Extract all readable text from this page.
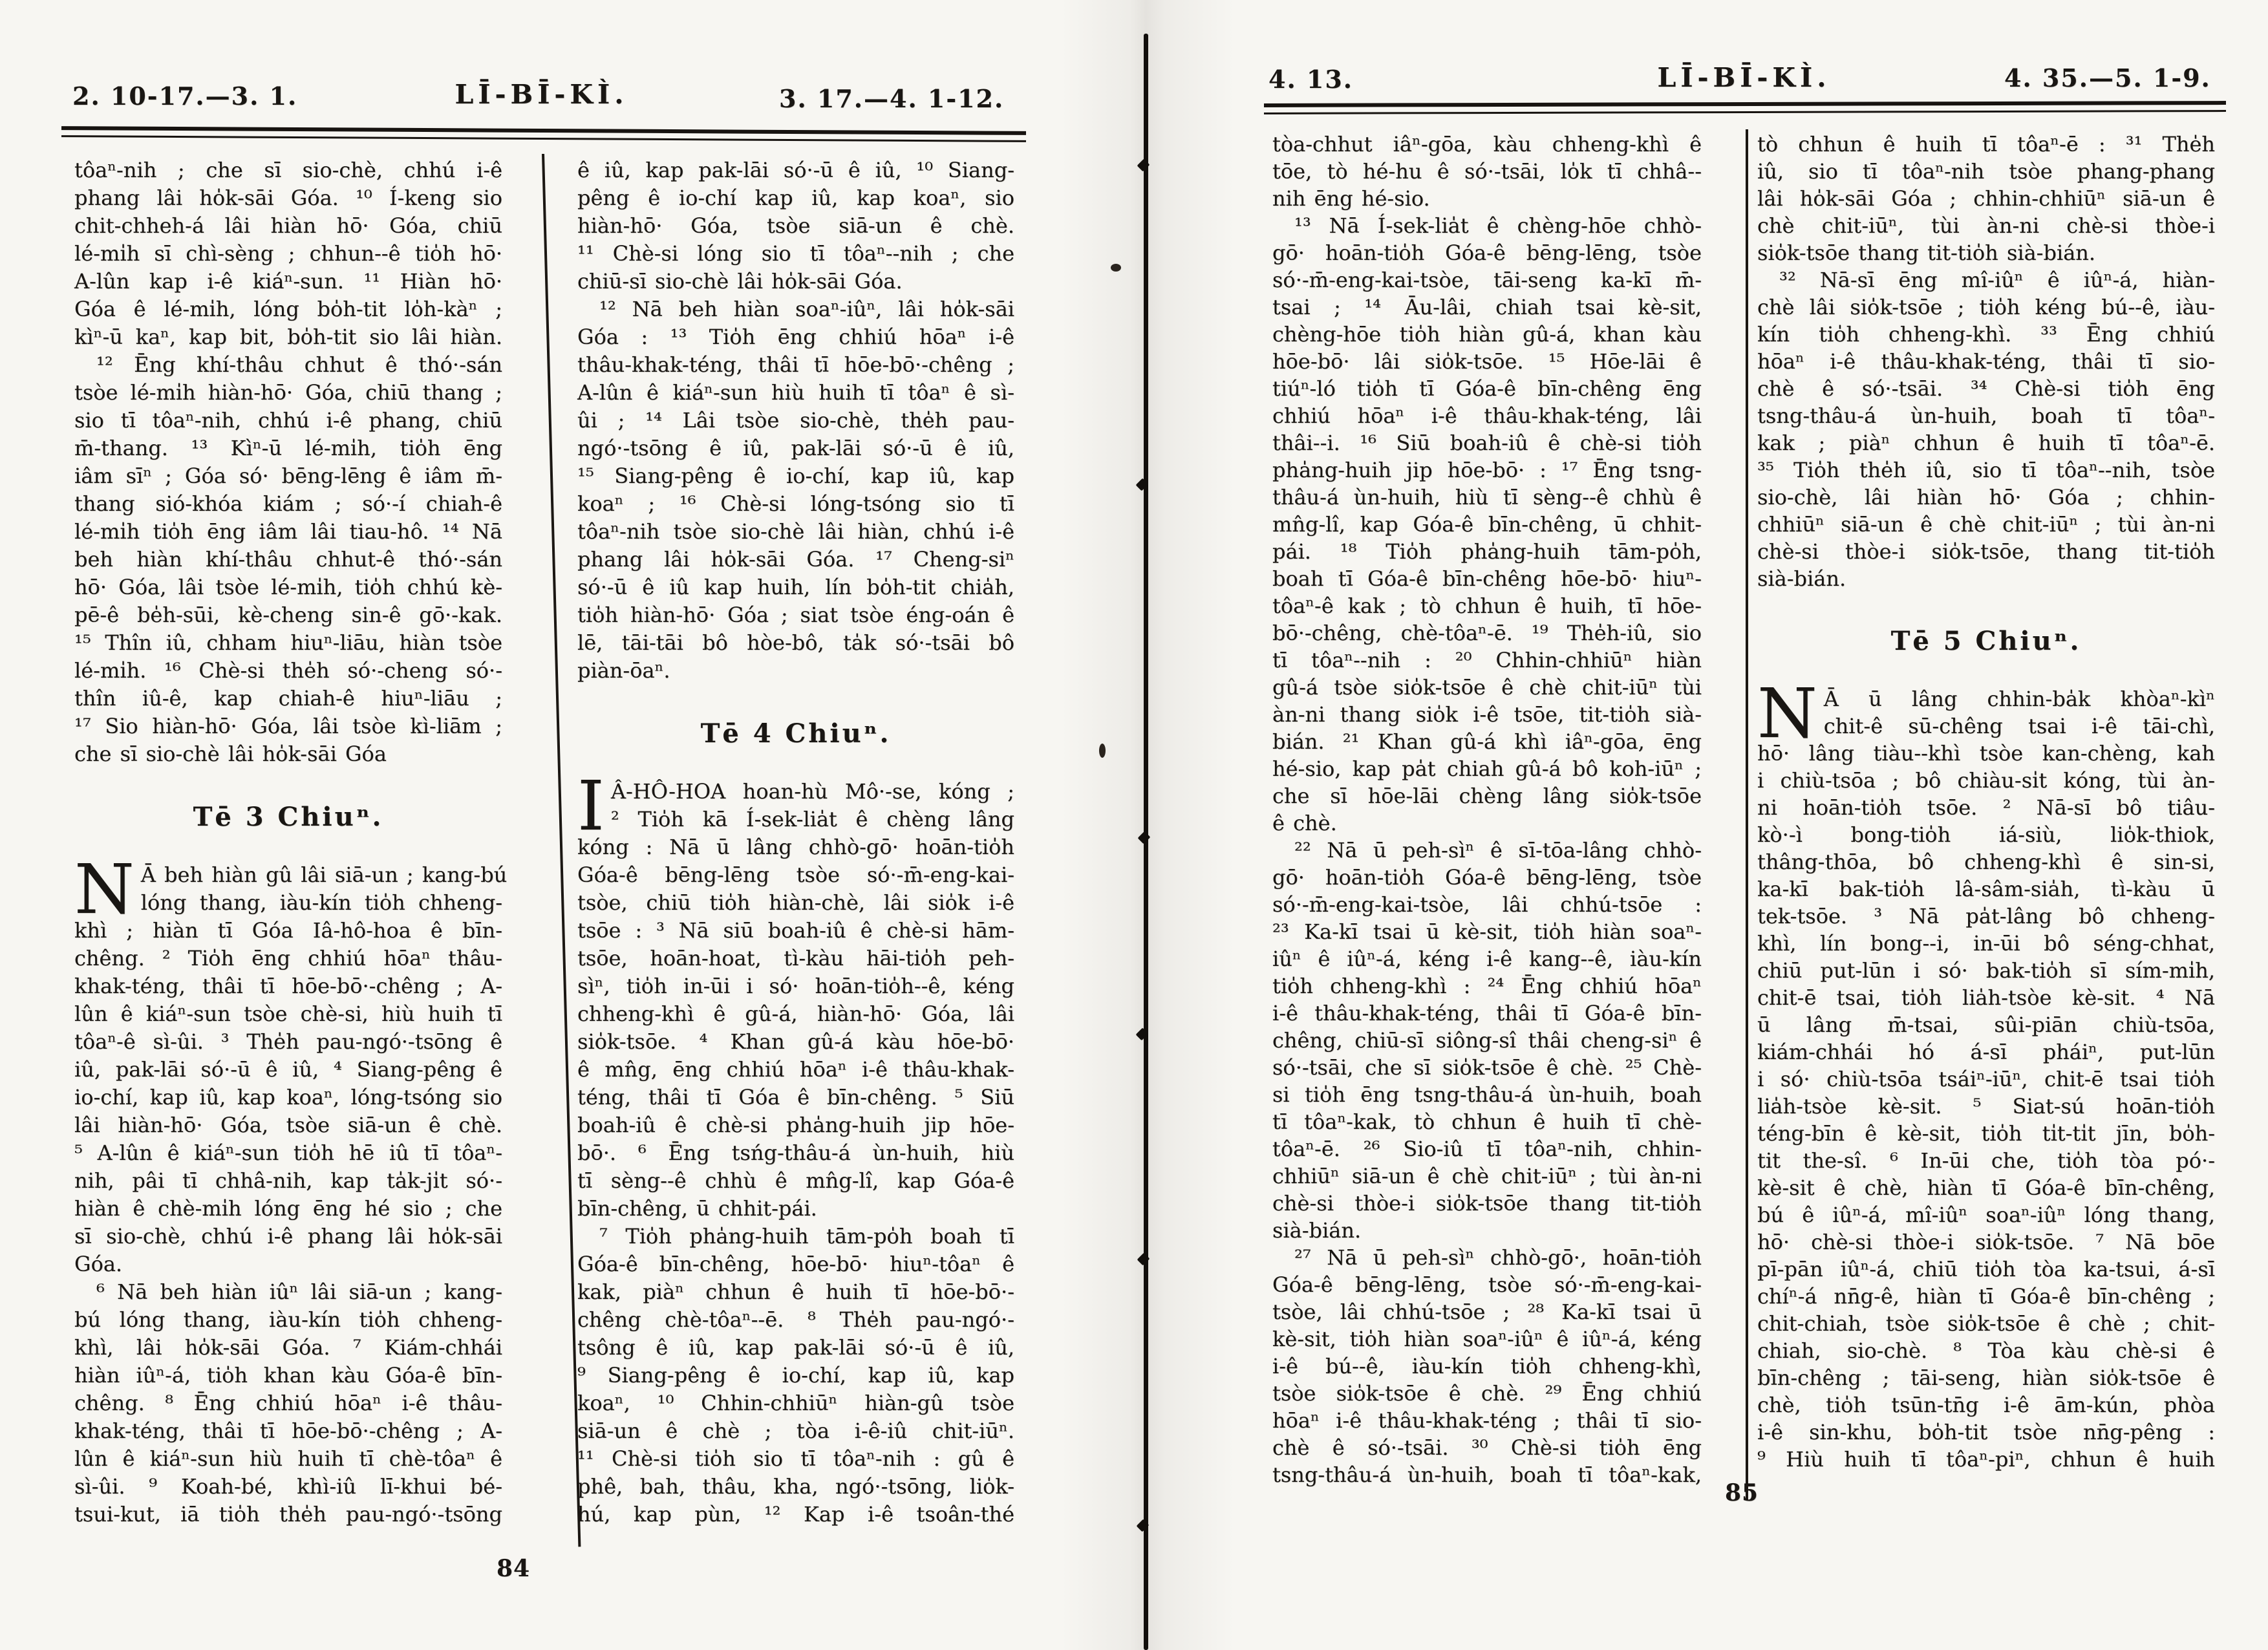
2. 10-17.—3. 1.	LĪ-BĪ-KÌ.	3. 17.—4. 1-12.
tôaⁿ-nih ; che sī sio-chè, chhú i-ê
phang lâi ho̍k-sāi Góa. ¹⁰ Í-keng sio
chit-chheh-á lâi hiàn hō· Góa, chiū
lé-mi̍h sī chì-sèng ; chhun--ê tio̍h hō·
A-lûn kap i-ê kiáⁿ-sun. ¹¹ Hiàn hō·
Góa ê lé-mi̍h, lóng bo̍h-tit lo̍h-kàⁿ ;
kìⁿ-ū kaⁿ, kap bit, bo̍h-tit sio lâi hiàn.
¹² Ēng khí-thâu chhut ê thó·-sán
tsòe lé-mi̍h hiàn-hō· Góa, chiū thang ;
sio tī tôaⁿ-nih, chhú i-ê phang, chiū
m̄-thang. ¹³ Kìⁿ-ū lé-mi̍h, tio̍h ēng
iâm sīⁿ ; Góa só· bēng-lēng ê iâm m̄-
thang sió-khóa kiám ; só·-í chiah-ê
lé-mi̍h tio̍h ēng iâm lâi tiau-hô. ¹⁴ Nā
beh hiàn khí-thâu chhut-ê thó·-sán
hō· Góa, lâi tsòe lé-mi̍h, tio̍h chhú kè-
pē-ê be̍h-sūi, kè-cheng sin-ê gō·-kak.
¹⁵ Thîn iû, chham hiuⁿ-liāu, hiàn tsòe
lé-mi̍h. ¹⁶ Chè-si the̍h só·-cheng só·-
thîn iû-ê, kap chiah-ê hiuⁿ-liāu ;
¹⁷ Sio hiàn-hō· Góa, lâi tsòe kì-liām ;
che sī sio-chè lâi ho̍k-sāi Góa
Tē 3 Chiuⁿ.
N Ā beh hiàn gû lâi siā-un ; kang-bú
lóng thang, iàu-kín tio̍h chheng-
khì ; hiàn tī Góa Iâ-hô-hoa ê bīn-
chêng. ² Tio̍h ēng chhiú hōaⁿ thâu-
khak-téng, thâi tī hōe-bō·-chêng ; A-
lûn ê kiáⁿ-sun tsòe chè-si, hiù huih tī
tôaⁿ-ê sì-ûi. ³ The̍h pau-ngó·-tsōng ê
iû, pak-lāi só·-ū ê iû, ⁴ Siang-pêng ê
io-chí, kap iû, kap koaⁿ, lóng-tsóng sio
lâi hiàn-hō· Góa, tsòe siā-un ê chè.
⁵ A-lûn ê kiáⁿ-sun tio̍h hē iû tī tôaⁿ-
nih, pâi tī chhâ-nih, kap ta̍k-ji̍t só·-
hiàn ê chè-mi̍h lóng ēng hé sio ; che
sī sio-chè, chhú i-ê phang lâi ho̍k-sāi
Góa.
⁶ Nā beh hiàn iûⁿ lâi siā-un ; kang-
bú lóng thang, iàu-kín tio̍h chheng-
khì, lâi ho̍k-sāi Góa. ⁷ Kiám-chhái
hiàn iûⁿ-á, tio̍h khan kàu Góa-ê bīn-
chêng. ⁸ Ēng chhiú hōaⁿ i-ê thâu-
khak-téng, thâi tī hōe-bō·-chêng ; A-
lûn ê kiáⁿ-sun hiù huih tī chè-tôaⁿ ê
sì-ûi. ⁹ Koah-bé, khì-iû lī-khui bé-
tsui-kut, iā tio̍h the̍h pau-ngó·-tsōng
ê iû, kap pak-lāi só·-ū ê iû, ¹⁰ Siang-
pêng ê io-chí kap iû, kap koaⁿ, sio
hiàn-hō· Góa, tsòe siā-un ê chè.
¹¹ Chè-si lóng sio tī tôaⁿ--nih ; che
chiū-sī sio-chè lâi ho̍k-sāi Góa.
¹² Nā beh hiàn soaⁿ-iûⁿ, lâi ho̍k-sāi
Góa : ¹³ Tio̍h ēng chhiú hōaⁿ i-ê
thâu-khak-téng, thâi tī hōe-bō·-chêng ;
A-lûn ê kiáⁿ-sun hiù huih tī tôaⁿ ê sì-
ûi ; ¹⁴ Lâi tsòe sio-chè, the̍h pau-
ngó·-tsōng ê iû, pak-lāi só·-ū ê iû,
¹⁵ Siang-pêng ê io-chí, kap iû, kap
koaⁿ ; ¹⁶ Chè-si lóng-tsóng sio tī
tôaⁿ-nih tsòe sio-chè lâi hiàn, chhú i-ê
phang lâi ho̍k-sāi Góa. ¹⁷ Cheng-siⁿ
só·-ū ê iû kap huih, lín bo̍h-tit chia̍h,
tio̍h hiàn-hō· Góa ; siat tsòe éng-oán ê
lē, tāi-tāi bô hòe-bô, ta̍k só·-tsāi bô
piàn-ōaⁿ.
Tē 4 Chiuⁿ.
I Â-HÔ-HOA hoan-hù Mô·-se, kóng ;
² Tio̍h kā Í-sek-lia̍t ê chèng lâng
kóng : Nā ū lâng chhò-gō· hoān-tio̍h
Góa-ê bēng-lēng tsòe só·-m̄-eng-kai-
tsòe, chiū tio̍h hiàn-chè, lâi sio̍k i-ê
tsōe : ³ Nā siū boah-iû ê chè-si hām-
tsōe, hoān-hoat, tì-kàu hāi-tio̍h peh-
sìⁿ, tio̍h in-ūi i só· hoān-tio̍h--ê, kéng
chheng-khì ê gû-á, hiàn-hō· Góa, lâi
sio̍k-tsōe. ⁴ Khan gû-á kàu hōe-bō·
ê mn̂g, ēng chhiú hōaⁿ i-ê thâu-khak-
téng, thâi tī Góa ê bīn-chêng. ⁵ Siū
boah-iû ê chè-si pha̍ng-huih jip hōe-
bō·. ⁶ Ēng tsńg-thâu-á ùn-huih, hiù
tī sèng--ê chhù ê mn̂g-lî, kap Góa-ê
bīn-chêng, ū chhit-pái.
⁷ Tio̍h pha̍ng-huih tām-po̍h boah tī
Góa-ê bīn-chêng, hōe-bō· hiuⁿ-tôaⁿ ê
kak, piàⁿ chhun ê huih tī hōe-bō·-
chêng chè-tôaⁿ--ē. ⁸ The̍h pau-ngó·-
tsông ê iû, kap pak-lāi só·-ū ê iû,
⁹ Siang-pêng ê io-chí, kap iû, kap
koaⁿ, ¹⁰ Chhin-chhiūⁿ hiàn-gû tsòe
siā-un ê chè ; tòa i-ê-iû chit-iūⁿ.
¹¹ Chè-si tio̍h sio tī tôaⁿ-nih : gû ê
phê, bah, thâu, kha, ngó·-tsōng, lio̍k-
hú, kap pùn, ¹² Kap i-ê tsoân-thé
84
4. 13.	LĪ-BĪ-KÌ.	4. 35.—5. 1-9.
tòa-chhut iâⁿ-gōa, kàu chheng-khì ê
tōe, tò hé-hu ê só·-tsāi, lo̍k tī chhâ--
nih ēng hé-sio.
¹³ Nā Í-sek-lia̍t ê chèng-hōe chhò-
gō· hoān-tio̍h Góa-ê bēng-lēng, tsòe
só·-m̄-eng-kai-tsòe, tāi-seng ka-kī m̄-
tsai ; ¹⁴ Āu-lâi, chiah tsai kè-sit,
chèng-hōe tio̍h hiàn gû-á, khan kàu
hōe-bō· lâi sio̍k-tsōe. ¹⁵ Hōe-lāi ê
tiúⁿ-ló tio̍h tī Góa-ê bīn-chêng ēng
chhiú hōaⁿ i-ê thâu-khak-téng, lâi
thâi--i. ¹⁶ Siū boah-iû ê chè-si tio̍h
pha̍ng-huih jip hōe-bō· : ¹⁷ Ēng tsng-
thâu-á ùn-huih, hiù tī sèng--ê chhù ê
mn̂g-lî, kap Góa-ê bīn-chêng, ū chhit-
pái. ¹⁸ Tio̍h pha̍ng-huih tām-po̍h,
boah tī Góa-ê bīn-chêng hōe-bō· hiuⁿ-
tôaⁿ-ê kak ; tò chhun ê huih, tī hōe-
bō·-chêng, chè-tôaⁿ-ē. ¹⁹ The̍h-iû, sio
tī tôaⁿ--nih : ²⁰ Chhin-chhiūⁿ hiàn
gû-á tsòe sio̍k-tsōe ê chè chit-iūⁿ tùi
àn-ni thang sio̍k i-ê tsōe, tit-tio̍h sià-
bián. ²¹ Khan gû-á khì iâⁿ-gōa, ēng
hé-sio, kap pa̍t chiah gû-á bô koh-iūⁿ ;
che sī hōe-lāi chèng lâng sio̍k-tsōe
ê chè.
²² Nā ū peh-sìⁿ ê sī-tōa-lâng chhò-
gō· hoān-tio̍h Góa-ê bēng-lēng, tsòe
só·-m̄-eng-kai-tsòe, lâi chhú-tsōe :
²³ Ka-kī tsai ū kè-sit, tio̍h hiàn soaⁿ-
iûⁿ ê iûⁿ-á, kéng i-ê kang--ê, iàu-kín
tio̍h chheng-khì : ²⁴ Ēng chhiú hōaⁿ
i-ê thâu-khak-téng, thâi tī Góa-ê bīn-
chêng, chiū-sī siông-sî thâi cheng-siⁿ ê
só·-tsāi, che sī sio̍k-tsōe ê chè. ²⁵ Chè-
si tio̍h ēng tsng-thâu-á ùn-huih, boah
tī tôaⁿ-kak, tò chhun ê huih tī chè-
tôaⁿ-ē. ²⁶ Sio-iû tī tôaⁿ-nih, chhin-
chhiūⁿ siā-un ê chè chit-iūⁿ ; tùi àn-ni
chè-si thòe-i sio̍k-tsōe thang tit-tio̍h
sià-bián.
²⁷ Nā ū peh-sìⁿ chhò-gō·, hoān-tio̍h
Góa-ê bēng-lēng, tsòe só·-m̄-eng-kai-
tsòe, lâi chhú-tsōe ; ²⁸ Ka-kī tsai ū
kè-sit, tio̍h hiàn soaⁿ-iûⁿ ê iûⁿ-á, kéng
i-ê bú--ê, iàu-kín tio̍h chheng-khì,
tsòe sio̍k-tsōe ê chè. ²⁹ Ēng chhiú
hōaⁿ i-ê thâu-khak-téng ; thâi tī sio-
chè ê só·-tsāi. ³⁰ Chè-si tio̍h ēng
tsng-thâu-á ùn-huih, boah tī tôaⁿ-kak,
tò chhun ê huih tī tôaⁿ-ē : ³¹ The̍h
iû, sio tī tôaⁿ-nih tsòe phang-phang
lâi ho̍k-sāi Góa ; chhin-chhiūⁿ siā-un ê
chè chit-iūⁿ, tùi àn-ni chè-si thòe-i
sio̍k-tsōe thang tit-tio̍h sià-bián.
³² Nā-sī ēng mî-iûⁿ ê iûⁿ-á, hiàn-
chè lâi sio̍k-tsōe ; tio̍h kéng bú--ê, iàu-
kín tio̍h chheng-khì. ³³ Ēng chhiú
hōaⁿ i-ê thâu-khak-téng, thâi tī sio-
chè ê só·-tsāi. ³⁴ Chè-si tio̍h ēng
tsng-thâu-á ùn-huih, boah tī tôaⁿ-
kak ; piàⁿ chhun ê huih tī tôaⁿ-ē.
³⁵ Tio̍h the̍h iû, sio tī tôaⁿ--nih, tsòe
sio-chè, lâi hiàn hō· Góa ; chhin-
chhiūⁿ siā-un ê chè chit-iūⁿ ; tùi àn-ni
chè-si thòe-i sio̍k-tsōe, thang tit-tio̍h
sià-bián.
Tē 5 Chiuⁿ.
N Ā ū lâng chhin-ba̍k khòaⁿ-kìⁿ
chit-ê sū-chêng tsai i-ê tāi-chì,
hō· lâng tiàu--khì tsòe kan-chèng, kah
i chiù-tsōa ; bô chiàu-si̍t kóng, tùi àn-
ni hoān-tio̍h tsōe. ² Nā-sī bô tiâu-
kò·-ì bong-tio̍h iá-siù, lio̍k-thiok,
thâng-thōa, bô chheng-khì ê sin-si,
ka-kī bak-tio̍h lâ-sâm-sia̍h, tì-kàu ū
tek-tsōe. ³ Nā pa̍t-lâng bô chheng-
khì, lín bong--i, in-ūi bô séng-chhat,
chiū put-lūn i só· bak-tio̍h sī sím-mi̍h,
chit-ē tsai, tio̍h lia̍h-tsòe kè-sit. ⁴ Nā
ū lâng m̄-tsai, sûi-piān chiù-tsōa,
kiám-chhái hó á-sī pháiⁿ, put-lūn
i só· chiù-tsōa tsáiⁿ-iūⁿ, chit-ē tsai tio̍h
lia̍h-tsòe kè-sit. ⁵ Siat-sú hoān-tio̍h
téng-bīn ê kè-sit, tio̍h ti̍t-ti̍t jīn, bo̍h-
tit the-sî. ⁶ In-ūi che, tio̍h tòa pó·-
kè-sit ê chè, hiàn tī Góa-ê bīn-chêng,
bú ê iûⁿ-á, mî-iûⁿ soaⁿ-iûⁿ lóng thang,
hō· chè-si thòe-i sio̍k-tsōe. ⁷ Nā bōe
pī-pān iûⁿ-á, chiū tio̍h tòa ka-tsui, á-sī
chíⁿ-á nn̄g-ê, hiàn tī Góa-ê bīn-chêng ;
chit-chiah, tsòe sio̍k-tsōe ê chè ; chit-
chiah, sio-chè. ⁸ Tòa kàu chè-si ê
bīn-chêng ; tāi-seng, hiàn sio̍k-tsōe ê
chè, tio̍h tsūn-tn̄g i-ê ām-kún, phòa
i-ê sin-khu, bo̍h-tit tsòe nn̄g-pêng :
⁹ Hiù huih tī tôaⁿ-piⁿ, chhun ê huih
85
